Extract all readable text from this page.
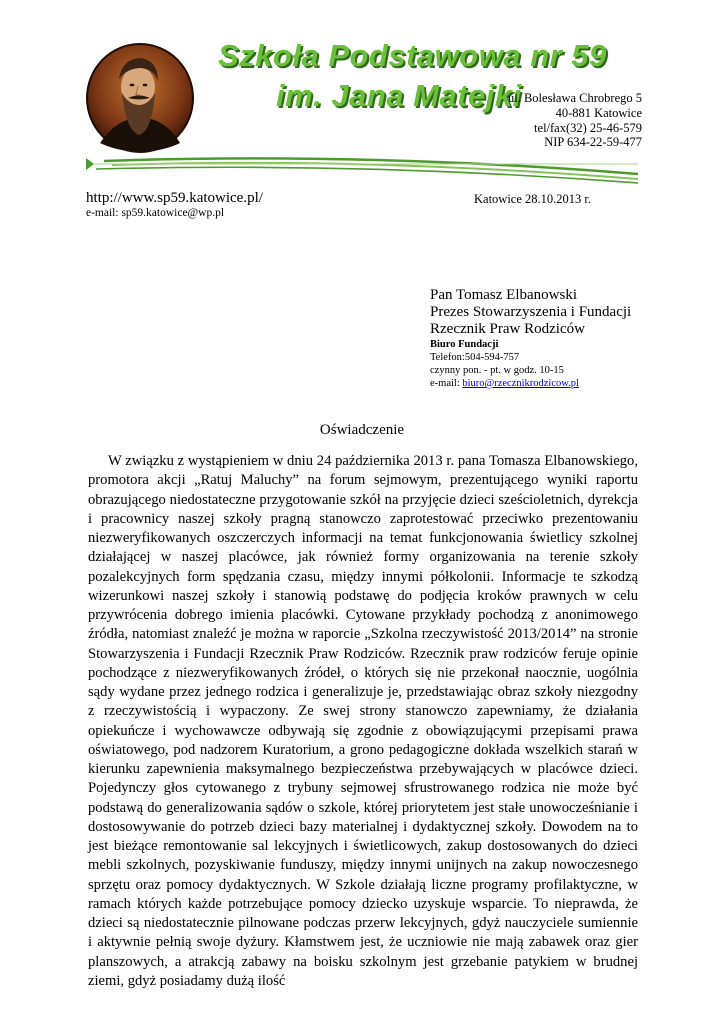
Szkoła Podstawowa nr 59
im. Jana Matejki
ul. Bolesława Chrobrego 5
40-881 Katowice
tel/fax(32) 25-46-579
NIP 634-22-59-477
http://www.sp59.katowice.pl/
e-mail: sp59.katowice@wp.pl
Katowice 28.10.2013 r.
Pan Tomasz Elbanowski
Prezes Stowarzyszenia i Fundacji
Rzecznik Praw Rodziców
Biuro Fundacji
Telefon:504-594-757
czynny pon. - pt. w godz. 10-15
e-mail: biuro@rzecznikrodzicow.pl
Oświadczenie

W związku z wystąpieniem w dniu 24 października 2013 r. pana Tomasza Elbanowskiego, promotora akcji „Ratuj Maluchy” na forum sejmowym, prezentującego wyniki raportu obrazującego niedostateczne przygotowanie szkół na przyjęcie dzieci sześcioletnich, dyrekcja i pracownicy naszej szkoły pragną stanowczo zaprotestować przeciwko prezentowaniu niezweryfikowanych oszczerczych informacji na temat funkcjonowania świetlicy szkolnej działającej w naszej placówce, jak również formy organizowania na terenie szkoły pozalekcyjnych form spędzania czasu, między innymi półkolonii. Informacje te szkodzą wizerunkowi naszej szkoły i stanowią podstawę do podjęcia kroków prawnych w celu przywrócenia dobrego imienia placówki. Cytowane przykłady pochodzą z anonimowego źródła, natomiast znaleźć je można w raporcie „Szkolna rzeczywistość 2013/2014” na stronie Stowarzyszenia i Fundacji Rzecznik Praw Rodziców. Rzecznik praw rodziców feruje opinie pochodzące z niezweryfikowanych źródeł, o których się nie przekonał naocznie, uogólnia sądy wydane przez jednego rodzica i generalizuje je, przedstawiając obraz szkoły niezgodny z rzeczywistością i wypaczony. Ze swej strony stanowczo zapewniamy, że działania opiekuńcze i wychowawcze odbywają się zgodnie z obowiązującymi przepisami prawa oświatowego, pod nadzorem Kuratorium, a grono pedagogiczne dokłada wszelkich starań w kierunku zapewnienia maksymalnego bezpieczeństwa przebywających w placówce dzieci. Pojedynczy głos cytowanego z trybuny sejmowej sfrustrowanego rodzica nie może być podstawą do generalizowania sądów o szkole, której priorytetem jest stałe unowocześnianie i dostosowywanie do potrzeb dzieci bazy materialnej i dydaktycznej szkoły. Dowodem na to jest bieżące remontowanie sal lekcyjnych i świetlicowych, zakup dostosowanych do dzieci mebli szkolnych, pozyskiwanie funduszy, między innymi unijnych na zakup nowoczesnego sprzętu oraz pomocy dydaktycznych. W Szkole działają liczne programy profilaktyczne, w ramach których każde potrzebujące pomocy dziecko uzyskuje wsparcie. To nieprawda, że dzieci są niedostatecznie pilnowane podczas przerw lekcyjnych, gdyż nauczyciele sumiennie i aktywnie pełnią swoje dyżury. Kłamstwem jest, że uczniowie nie mają zabawek oraz gier planszowych, a atrakcją zabawy na boisku szkolnym jest grzebanie patykiem w brudnej ziemi, gdyż posiadamy dużą ilość
